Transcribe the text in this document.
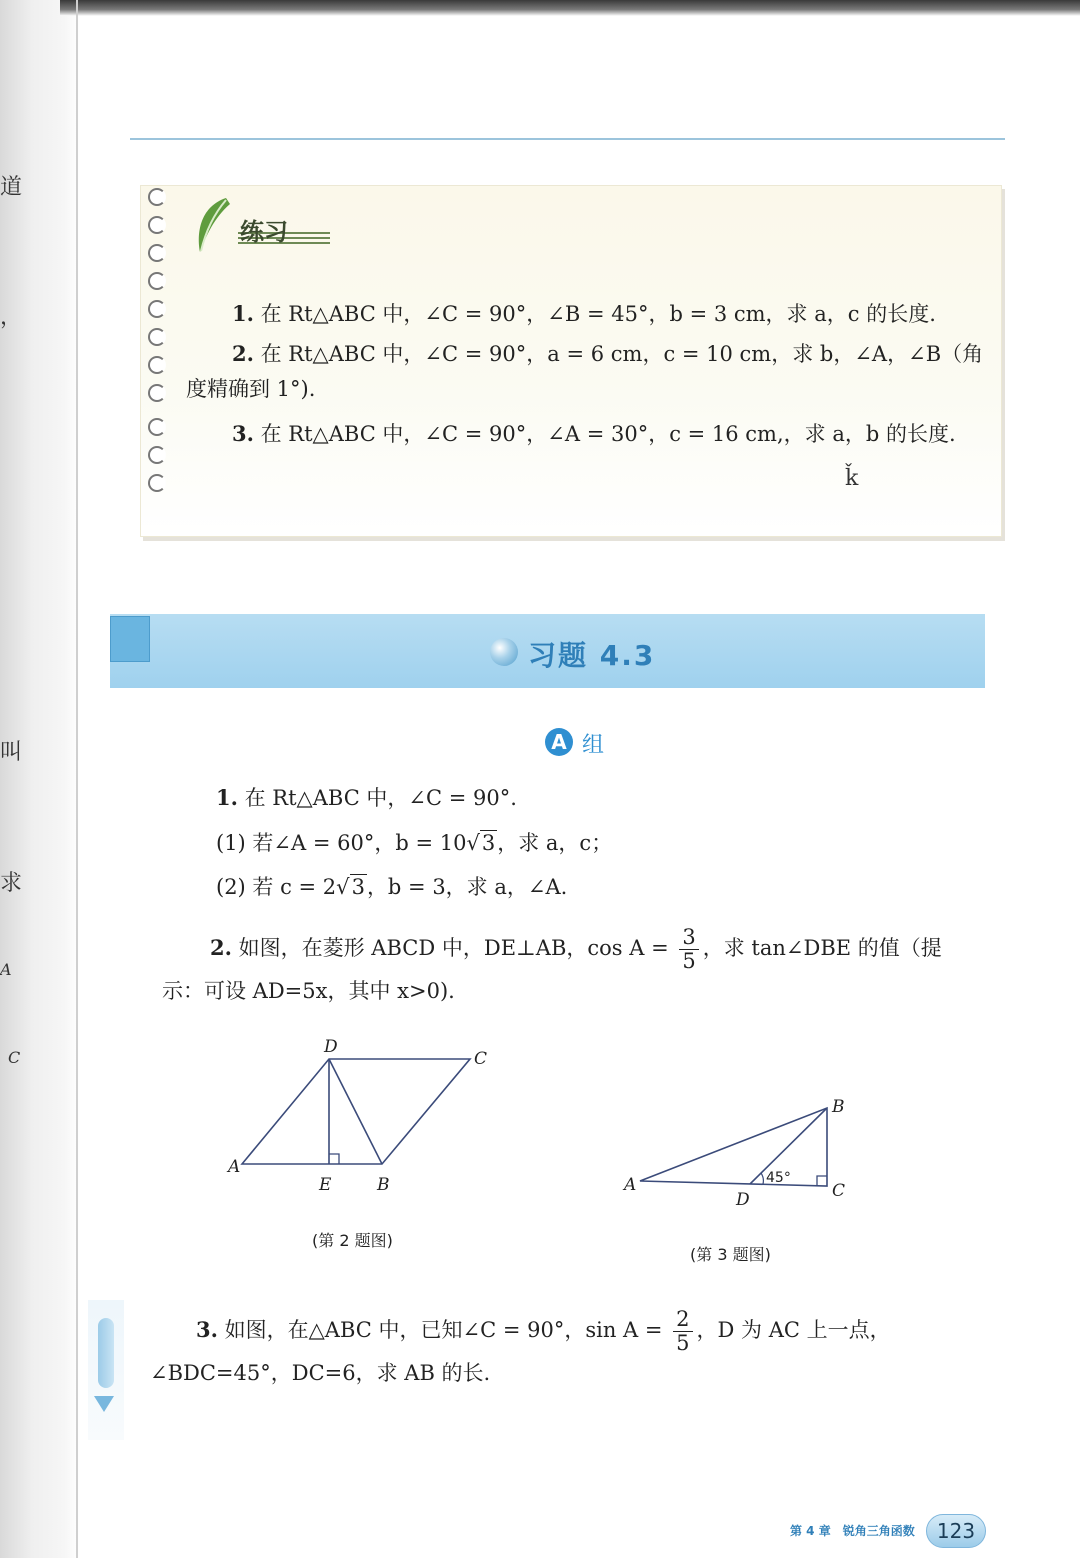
道
，
叫
求
A
C
练习
1. 在 Rt△ABC 中，∠C = 90°，∠B = 45°，b = 3 cm，求 a，c 的长度.
2. 在 Rt△ABC 中，∠C = 90°，a = 6 cm，c = 10 cm，求 b，∠A，∠B（角
度精确到 1°).
3. 在 Rt△ABC 中，∠C = 90°，∠A = 30°，c = 16 cm,，求 a，b 的长度.
ǩ
习题 4.3
A 组
1. 在 Rt△ABC 中，∠C = 90°.
(1) 若∠A = 60°，b = 10√3，求 a，c；
(2) 若 c = 2√3，b = 3，求 a，∠A.
2. 如图，在菱形 ABCD 中，DE⊥AB，$\cos A = \frac{3}{5}$ ，求 tan∠DBE 的值（提
示：可设 AD=5x，其中 x>0).
A
B
C
D
E
(第 2 题图)
45°
A
B
C
D
(第 3 题图)
3. 如图，在△ABC 中，已知∠C = 90°，$\sin A = \frac{2}{5}$ ，D 为 AC 上一点，
∠BDC=45°，DC=6，求 AB 的长.
第 4 章　锐角三角函数	123
